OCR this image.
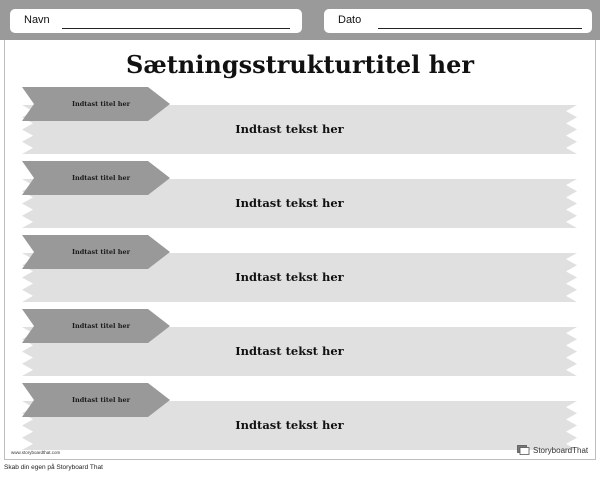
Navn	Dato
Sætningsstrukturtitel her
Indtast titel her
Indtast tekst her
Indtast titel her
Indtast tekst her
Indtast titel her
Indtast tekst her
Indtast titel her
Indtast tekst her
Indtast titel her
Indtast tekst her
www.storyboardthat.com	StoryboardThat
Skab din egen på Storyboard That
